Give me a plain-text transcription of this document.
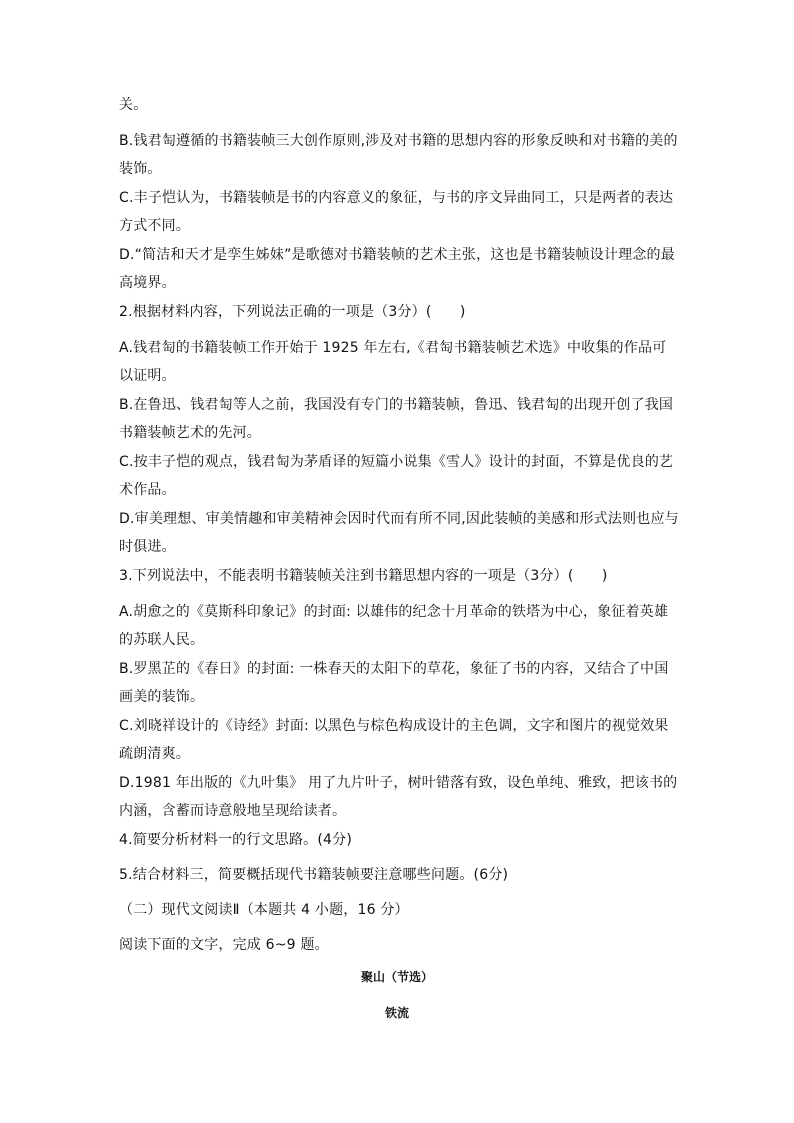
关。

B.钱君匋遵循的书籍装帧三大创作原则,涉及对书籍的思想内容的形象反映和对书籍的美的装饰。

C.丰子恺认为，书籍装帧是书的内容意义的象征，与书的序文异曲同工，只是两者的表达方式不同。

D.“简洁和天才是孪生姊妹”是歌德对书籍装帧的艺术主张，这也是书籍装帧设计理念的最高境界。

2.根据材料内容，下列说法正确的一项是（3分）(　　)

A.钱君匋的书籍装帧工作开始于 1925 年左右,《君匋书籍装帧艺术选》中收集的作品可以证明。

B.在鲁迅、钱君匋等人之前，我国没有专门的书籍装帧，鲁迅、钱君匋的出现开创了我国书籍装帧艺术的先河。

C.按丰子恺的观点，钱君匋为茅盾译的短篇小说集《雪人》设计的封面，不算是优良的艺术作品。

D.审美理想、审美情趣和审美精神会因时代而有所不同,因此装帧的美感和形式法则也应与时俱进。

3.下列说法中，不能表明书籍装帧关注到书籍思想内容的一项是（3分）(　　)

A.胡愈之的《莫斯科印象记》的封面: 以雄伟的纪念十月革命的铁塔为中心，象征着英雄的苏联人民。

B.罗黑芷的《春日》的封面: 一株春天的太阳下的草花，象征了书的内容，又结合了中国画美的装饰。

C.刘晓祥设计的《诗经》封面: 以黑色与棕色构成设计的主色调，文字和图片的视觉效果疏朗清爽。

D.1981 年出版的《九叶集》 用了九片叶子，树叶错落有致，设色单纯、雅致，把该书的内涵，含蓄而诗意般地呈现给读者。

4.简要分析材料一的行文思路。(4分)

5.结合材料三，简要概括现代书籍装帧要注意哪些问题。(6分)

（二）现代文阅读Ⅱ（本题共 4 小题，16 分）

阅读下面的文字，完成 6~9 题。

聚山（节选）

铁流
